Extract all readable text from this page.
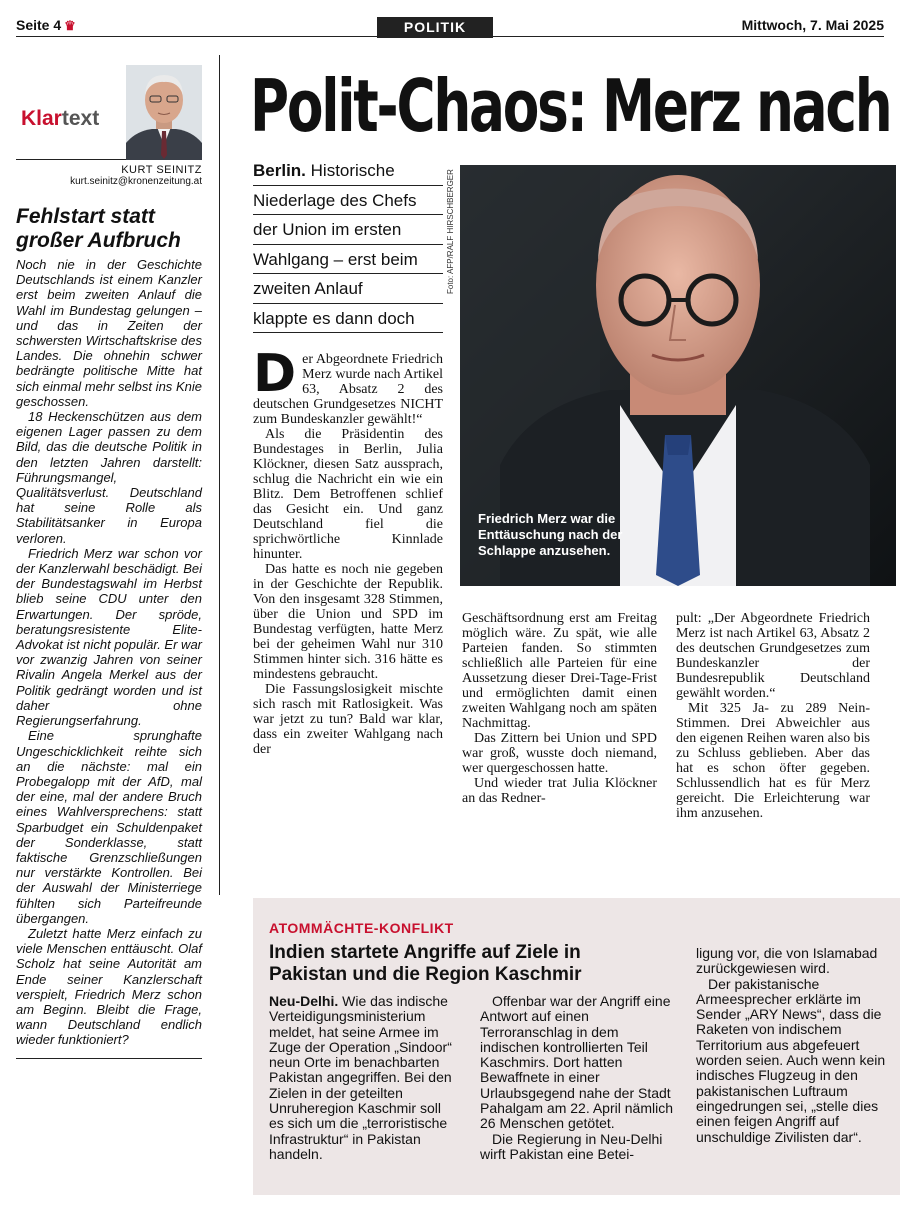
Seite 4 ♛	POLITIK	Mittwoch, 7. Mai 2025
Klartext
KURT SEINITZ
kurt.seinitz@kronenzeitung.at
Fehlstart statt
großer Aufbruch

Noch nie in der Geschichte Deutschlands ist einem Kanzler erst beim zweiten Anlauf die Wahl im Bundestag gelungen – und das in Zeiten der schwersten Wirtschaftskrise des Landes. Die ohnehin schwer bedrängte politische Mitte hat sich einmal mehr selbst ins Knie geschossen.

18 Heckenschützen aus dem eigenen Lager passen zu dem Bild, das die deutsche Politik in den letzten Jahren darstellt: Führungsmangel, Qualitätsverlust. Deutschland hat seine Rolle als Stabilitätsanker in Europa verloren.

Friedrich Merz war schon vor der Kanzlerwahl beschädigt. Bei der Bundestagswahl im Herbst blieb seine CDU unter den Erwartungen. Der spröde, beratungsresistente Elite-Advokat ist nicht populär. Er war vor zwanzig Jahren von seiner Rivalin Angela Merkel aus der Politik gedrängt worden und ist daher ohne Regierungserfahrung.

Eine sprunghafte Ungeschicklichkeit reihte sich an die nächste: mal ein Probegalopp mit der AfD, mal der eine, mal der andere Bruch eines Wahlversprechens: statt Sparbudget ein Schuldenpaket der Sonderklasse, statt faktische Grenzschließungen nur verstärkte Kontrollen. Bei der Auswahl der Ministerriege fühlten sich Parteifreunde übergangen.

Zuletzt hatte Merz einfach zu viele Menschen enttäuscht. Olaf Scholz hat seine Autorität am Ende seiner Kanzlerschaft verspielt, Friedrich Merz schon am Beginn. Bleibt die Frage, wann Deutschland endlich wieder funktioniert?

Polit-Chaos: Merz nach
Berlin. Historische
Niederlage des Chefs
der Union im ersten
Wahlgang – erst beim
zweiten Anlauf
klappte es dann doch
Foto: AFP/RALF HIRSCHBERGER
Friedrich Merz war die Enttäuschung nach der Schlappe anzusehen.

Der Abgeordnete Friedrich Merz wurde nach Artikel 63, Absatz 2 des deutschen Grundgesetzes NICHT zum Bundeskanzler gewählt!“

Als die Präsidentin des Bundestages in Berlin, Julia Klöckner, diesen Satz aussprach, schlug die Nachricht ein wie ein Blitz. Dem Betroffenen schlief das Gesicht ein. Und ganz Deutschland fiel die sprichwörtliche Kinnlade hinunter.

Das hatte es noch nie gegeben in der Geschichte der Republik. Von den insgesamt 328 Stimmen, über die Union und SPD im Bundestag verfügten, hatte Merz bei der geheimen Wahl nur 310 Stimmen hinter sich. 316 hätte es mindestens gebraucht.

Die Fassungslosigkeit mischte sich rasch mit Ratlosigkeit. Was war jetzt zu tun? Bald war klar, dass ein zweiter Wahlgang nach der

Geschäftsordnung erst am Freitag möglich wäre. Zu spät, wie alle Parteien fanden. So stimmten schließlich alle Parteien für eine Aussetzung dieser Drei-Tage-Frist und ermöglichten damit einen zweiten Wahlgang noch am späten Nachmittag.

Das Zittern bei Union und SPD war groß, wusste doch niemand, wer quergeschossen hatte.

Und wieder trat Julia Klöckner an das Redner-

pult: „Der Abgeordnete Friedrich Merz ist nach Artikel 63, Absatz 2 des deutschen Grundgesetzes zum Bundeskanzler der Bundesrepublik Deutschland gewählt worden.“

Mit 325 Ja- zu 289 Nein-Stimmen. Drei Abweichler aus den eigenen Reihen waren also bis zu Schluss geblieben. Aber das hat es schon öfter gegeben. Schlussendlich hat es für Merz gereicht. Die Erleichterung war ihm anzusehen.

ATOMMÄCHTE-KONFLIKT
Indien startete Angriffe auf Ziele in Pakistan und die Region Kaschmir

Neu-Delhi. Wie das indische Verteidigungsministerium meldet, hat seine Armee im Zuge der Operation „Sindoor“ neun Orte im benachbarten Pakistan angegriffen. Bei den Zielen in der geteilten Unruheregion Kaschmir soll es sich um die „terroristische Infrastruktur“ in Pakistan handeln.

Offenbar war der Angriff eine Antwort auf einen Terroranschlag in dem indischen kontrollierten Teil Kaschmirs. Dort hatten Bewaffnete in einer Urlaubsgegend nahe der Stadt Pahalgam am 22. April nämlich 26 Menschen getötet.

Die Regierung in Neu-Delhi wirft Pakistan eine Betei-

ligung vor, die von Islamabad zurückgewiesen wird.

Der pakistanische Armeesprecher erklärte im Sender „ARY News“, dass die Raketen von indischem Territorium aus abgefeuert worden seien. Auch wenn kein indisches Flugzeug in den pakistanischen Luftraum eingedrungen sei, „stelle dies einen feigen Angriff auf unschuldige Zivilisten dar“.
